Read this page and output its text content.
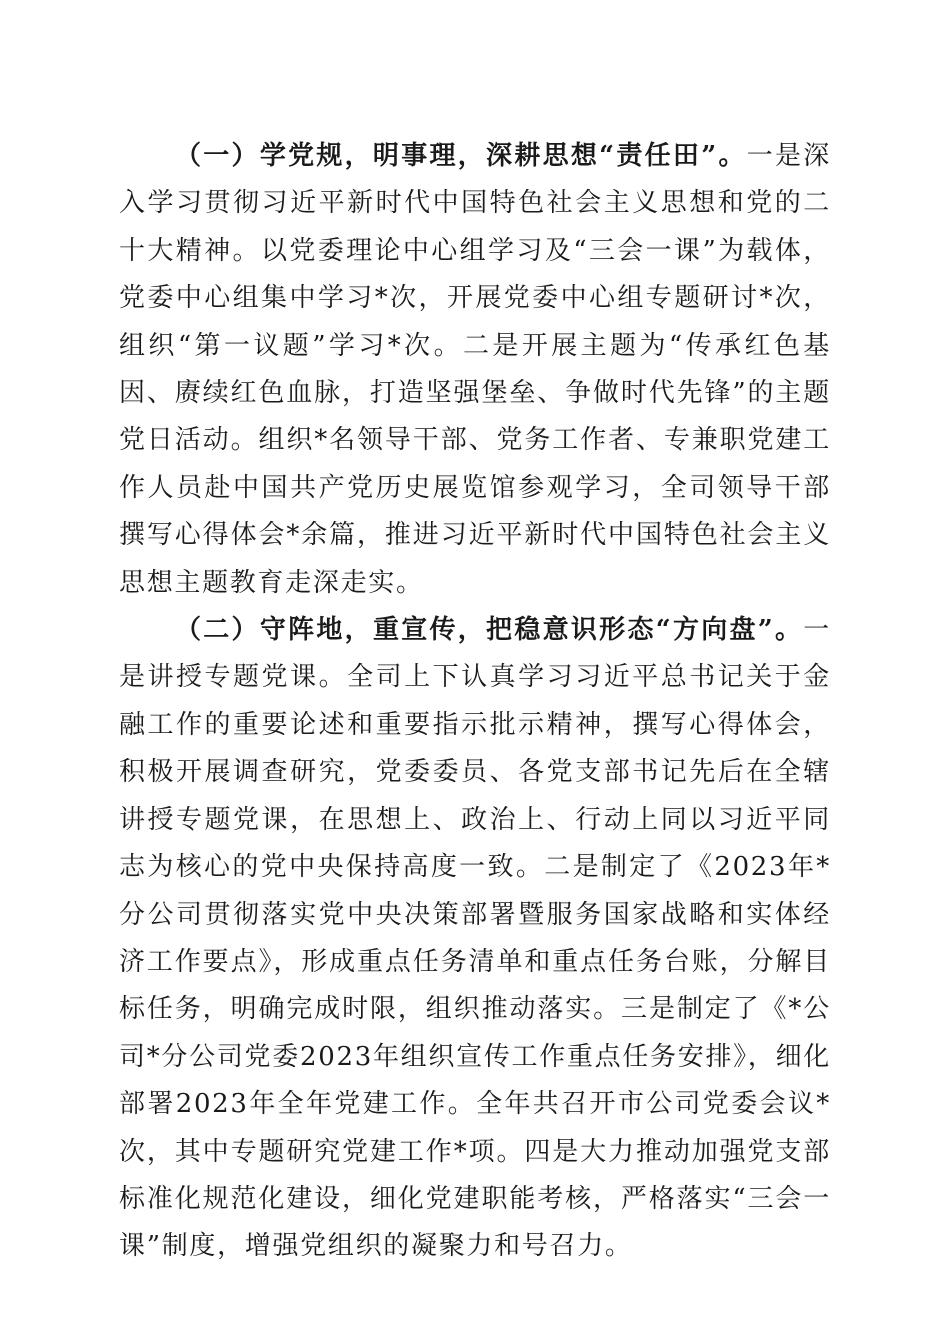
（一）学党规，明事理，深耕思想“责任田”。一是深入学习贯彻习近平新时代中国特色社会主义思想和党的二十大精神。以党委理论中心组学习及“三会一课”为载体，党委中心组集中学习*次，开展党委中心组专题研讨*次，组织“第一议题”学习*次。二是开展主题为“传承红色基因、赓续红色血脉，打造坚强堡垒、争做时代先锋”的主题党日活动。组织*名领导干部、党务工作者、专兼职党建工作人员赴中国共产党历史展览馆参观学习，全司领导干部撰写心得体会*余篇，推进习近平新时代中国特色社会主义思想主题教育走深走实。

（二）守阵地，重宣传，把稳意识形态“方向盘”。一是讲授专题党课。全司上下认真学习习近平总书记关于金融工作的重要论述和重要指示批示精神，撰写心得体会，积极开展调查研究，党委委员、各党支部书记先后在全辖讲授专题党课，在思想上、政治上、行动上同以习近平同志为核心的党中央保持高度一致。二是制定了《2023年*分公司贯彻落实党中央决策部署暨服务国家战略和实体经济工作要点》，形成重点任务清单和重点任务台账，分解目标任务，明确完成时限，组织推动落实。三是制定了《*公司*分公司党委2023年组织宣传工作重点任务安排》，细化部署2023年全年党建工作。全年共召开市公司党委会议*次，其中专题研究党建工作*项。四是大力推动加强党支部标准化规范化建设，细化党建职能考核，严格落实“三会一课”制度，增强党组织的凝聚力和号召力。
